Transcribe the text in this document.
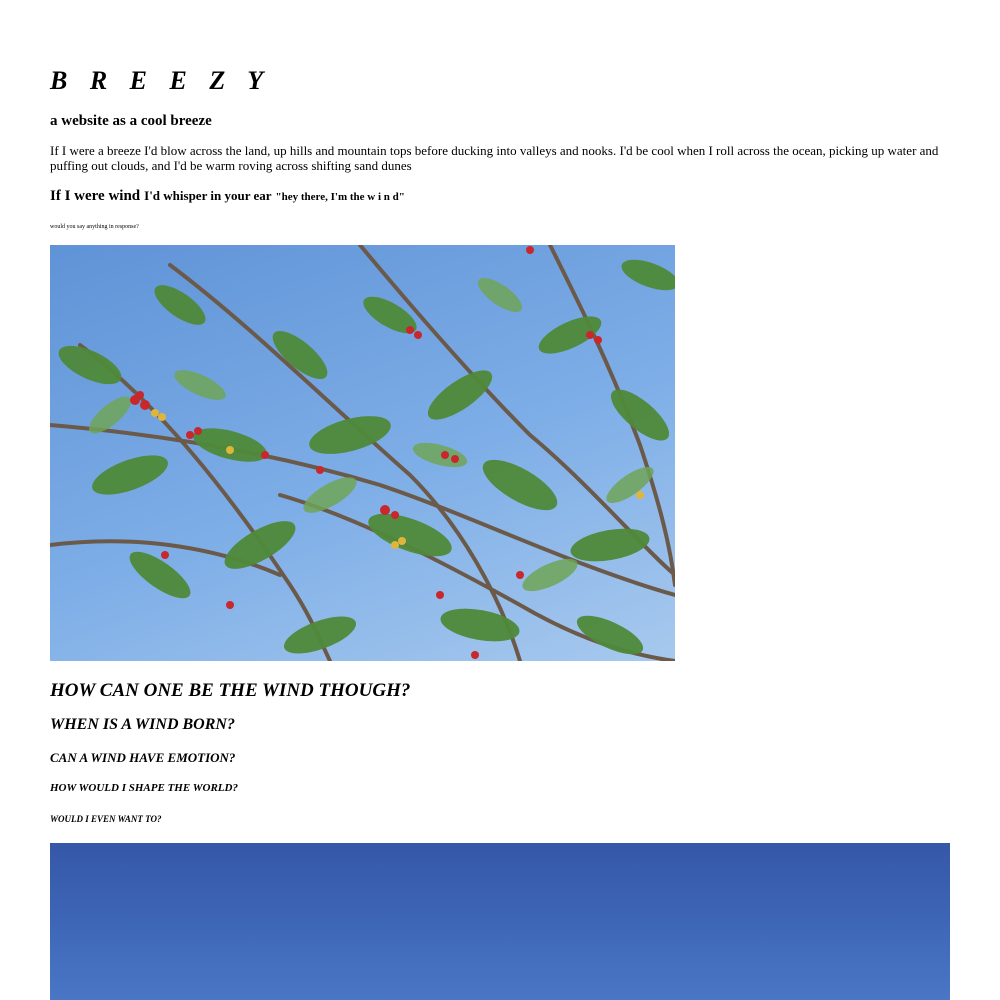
B R E E Z Y
a website as a cool breeze

If I were a breeze I'd blow across the land, up hills and mountain tops before ducking into valleys and nooks. I'd be cool when I roll across the ocean, picking up water and puffing out clouds, and I'd be warm roving across shifting sand dunes

If I were wind I'd whisper in your ear "hey there, I'm the w i n d"

would you say anything in response?

HOW CAN ONE BE THE WIND THOUGH?
WHEN IS A WIND BORN?
CAN A WIND HAVE EMOTION?
HOW WOULD I SHAPE THE WORLD?
WOULD I EVEN WANT TO?
